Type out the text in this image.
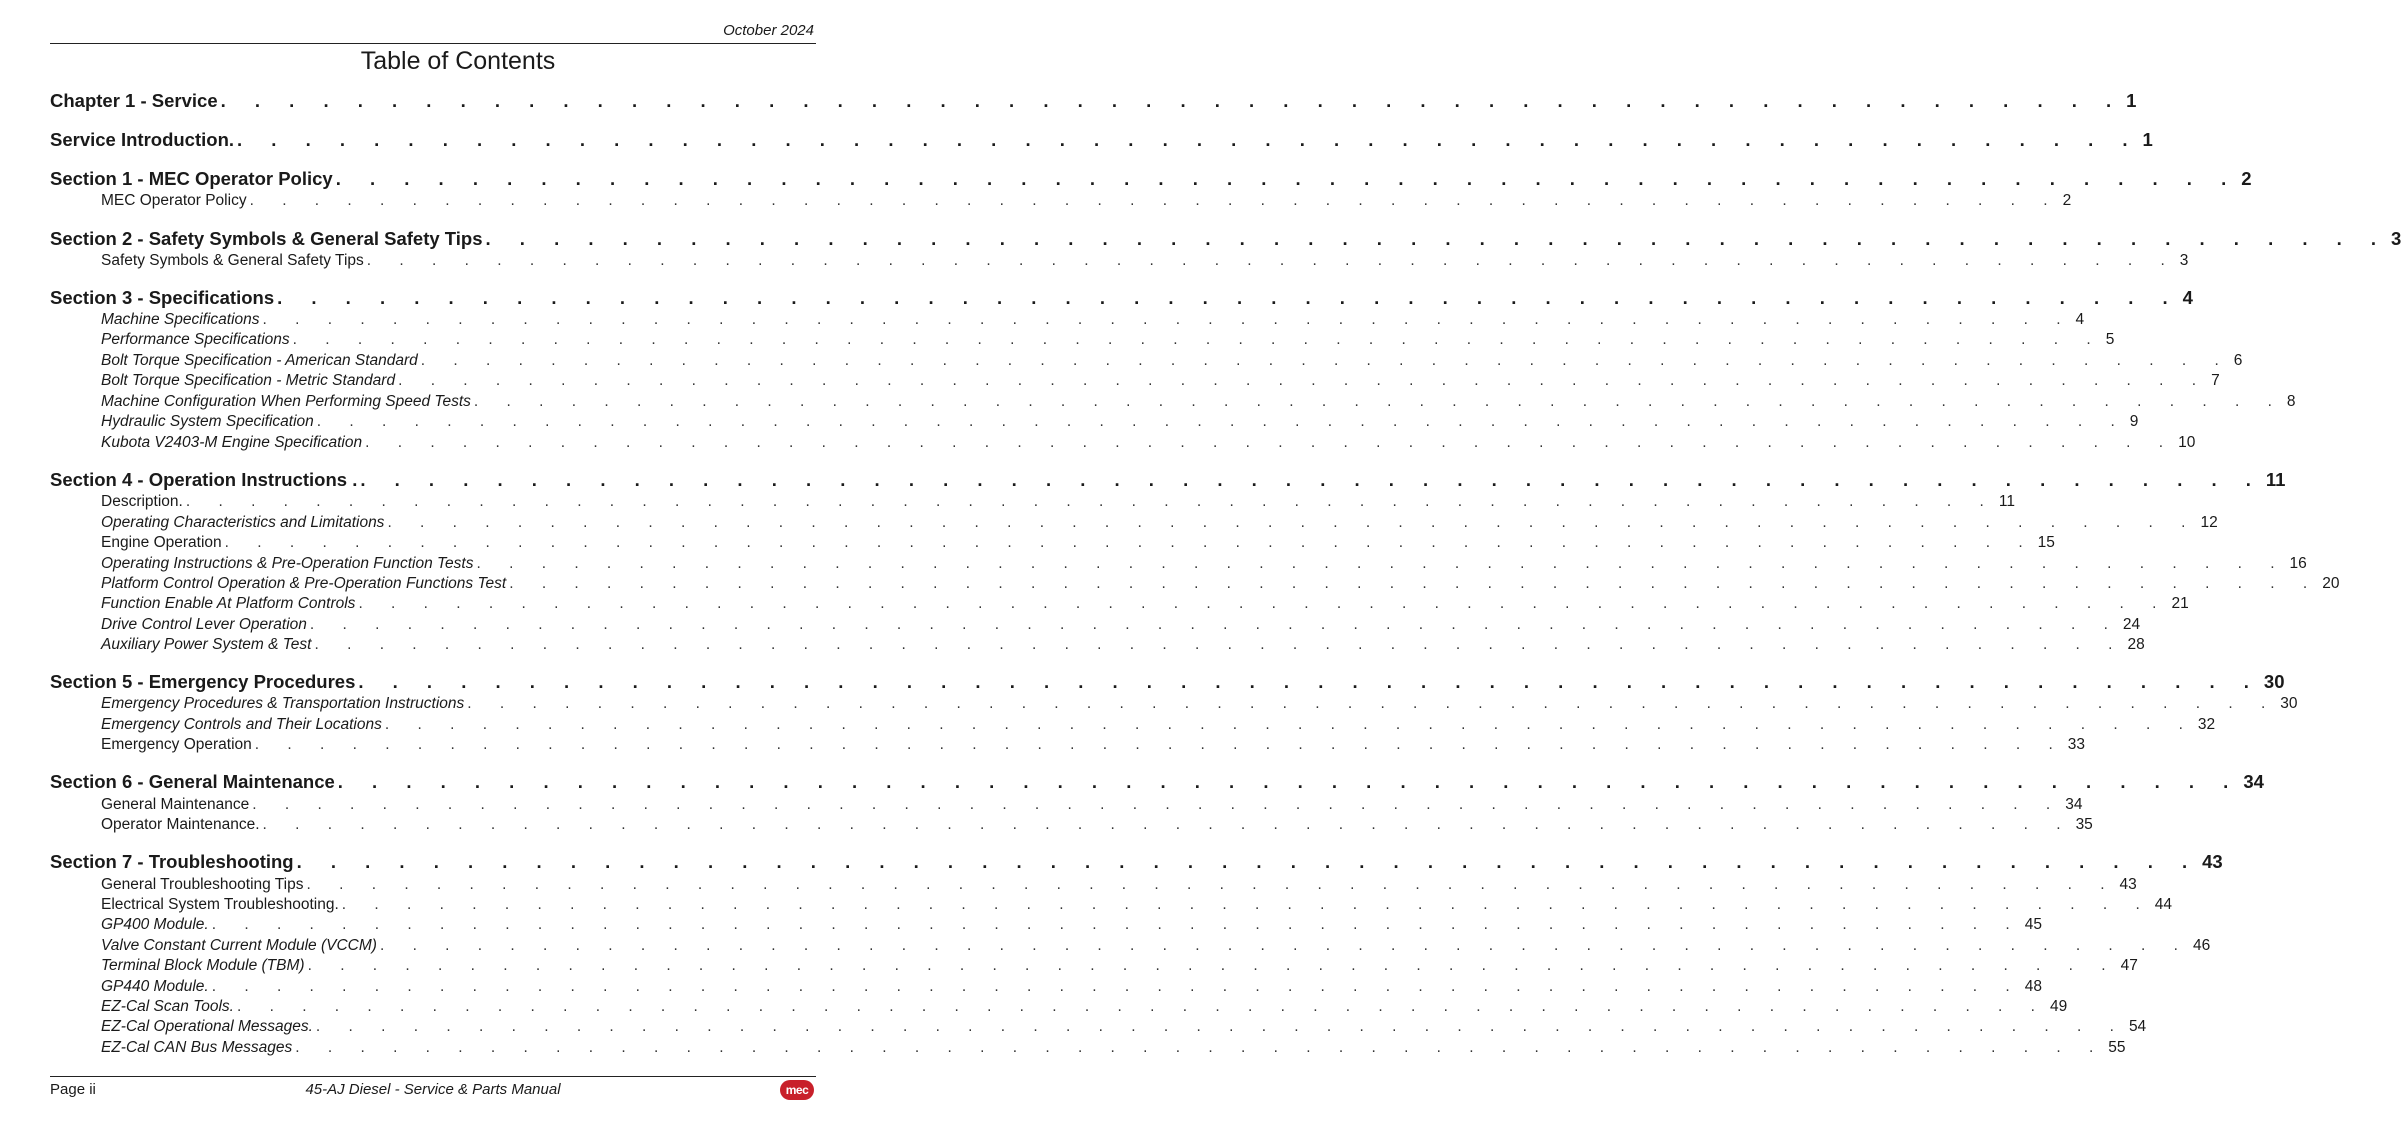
October 2024
Table of Contents
Chapter 1 - Service . . . . . . . . . . . . . . . . . . . . . . . . . . . . . . . . . . . . . . . . . . . . . . . . . . . . . . . . 1
Service Introduction. . . . . . . . . . . . . . . . . . . . . . . . . . . . . . . . . . . . . . . . . . . . . . . . . . . . . . . . . 1
Section 1 - MEC Operator Policy . . . . . . . . . . . . . . . . . . . . . . . . . . . . . . . . . . . . . . . . . . . . . . . . . . . . . . . . 2
MEC Operator Policy . . . . . . . . . . . . . . . . . . . . . . . . . . . . . . . . . . . . . . . . . . . . . . . . . . . . . . . . 2
Section 2 - Safety Symbols & General Safety Tips . . . . . . . . . . . . . . . . . . . . . . . . . . . . . . . . . . . . . . . . . . . . . . . . . . . . . . . . 3
Safety Symbols & General Safety Tips . . . . . . . . . . . . . . . . . . . . . . . . . . . . . . . . . . . . . . . . . . . . . . . . . . . . . . . . 3
Section 3 - Specifications . . . . . . . . . . . . . . . . . . . . . . . . . . . . . . . . . . . . . . . . . . . . . . . . . . . . . . . . 4
Machine Specifications . . . . . . . . . . . . . . . . . . . . . . . . . . . . . . . . . . . . . . . . . . . . . . . . . . . . . . . . 4
Performance Specifications . . . . . . . . . . . . . . . . . . . . . . . . . . . . . . . . . . . . . . . . . . . . . . . . . . . . . . . . 5
Bolt Torque Specification - American Standard . . . . . . . . . . . . . . . . . . . . . . . . . . . . . . . . . . . . . . . . . . . . . . . . . . . . . . . . 6
Bolt Torque Specification - Metric Standard . . . . . . . . . . . . . . . . . . . . . . . . . . . . . . . . . . . . . . . . . . . . . . . . . . . . . . . . 7
Machine Configuration When Performing Speed Tests . . . . . . . . . . . . . . . . . . . . . . . . . . . . . . . . . . . . . . . . . . . . . . . . . . . . . . . . 8
Hydraulic System Specification . . . . . . . . . . . . . . . . . . . . . . . . . . . . . . . . . . . . . . . . . . . . . . . . . . . . . . . . 9
Kubota V2403-M Engine Specification . . . . . . . . . . . . . . . . . . . . . . . . . . . . . . . . . . . . . . . . . . . . . . . . . . . . . . . . 10
Section 4 - Operation Instructions . . . . . . . . . . . . . . . . . . . . . . . . . . . . . . . . . . . . . . . . . . . . . . . . . . . . . . . . . 11
Description. . . . . . . . . . . . . . . . . . . . . . . . . . . . . . . . . . . . . . . . . . . . . . . . . . . . . . . . . 11
Operating Characteristics and Limitations . . . . . . . . . . . . . . . . . . . . . . . . . . . . . . . . . . . . . . . . . . . . . . . . . . . . . . . . 12
Engine Operation . . . . . . . . . . . . . . . . . . . . . . . . . . . . . . . . . . . . . . . . . . . . . . . . . . . . . . . . 15
Operating Instructions & Pre-Operation Function Tests . . . . . . . . . . . . . . . . . . . . . . . . . . . . . . . . . . . . . . . . . . . . . . . . . . . . . . . . 16
Platform Control Operation & Pre-Operation Functions Test . . . . . . . . . . . . . . . . . . . . . . . . . . . . . . . . . . . . . . . . . . . . . . . . . . . . . . . . 20
Function Enable At Platform Controls . . . . . . . . . . . . . . . . . . . . . . . . . . . . . . . . . . . . . . . . . . . . . . . . . . . . . . . . 21
Drive Control Lever Operation . . . . . . . . . . . . . . . . . . . . . . . . . . . . . . . . . . . . . . . . . . . . . . . . . . . . . . . . 24
Auxiliary Power System & Test . . . . . . . . . . . . . . . . . . . . . . . . . . . . . . . . . . . . . . . . . . . . . . . . . . . . . . . . 28
Section 5 - Emergency Procedures . . . . . . . . . . . . . . . . . . . . . . . . . . . . . . . . . . . . . . . . . . . . . . . . . . . . . . . . 30
Emergency Procedures & Transportation Instructions . . . . . . . . . . . . . . . . . . . . . . . . . . . . . . . . . . . . . . . . . . . . . . . . . . . . . . . . 30
Emergency Controls and Their Locations . . . . . . . . . . . . . . . . . . . . . . . . . . . . . . . . . . . . . . . . . . . . . . . . . . . . . . . . 32
Emergency Operation . . . . . . . . . . . . . . . . . . . . . . . . . . . . . . . . . . . . . . . . . . . . . . . . . . . . . . . . 33
Section 6 - General Maintenance . . . . . . . . . . . . . . . . . . . . . . . . . . . . . . . . . . . . . . . . . . . . . . . . . . . . . . . . 34
General Maintenance . . . . . . . . . . . . . . . . . . . . . . . . . . . . . . . . . . . . . . . . . . . . . . . . . . . . . . . . 34
Operator Maintenance. . . . . . . . . . . . . . . . . . . . . . . . . . . . . . . . . . . . . . . . . . . . . . . . . . . . . . . . . 35
Section 7 - Troubleshooting . . . . . . . . . . . . . . . . . . . . . . . . . . . . . . . . . . . . . . . . . . . . . . . . . . . . . . . . 43
General Troubleshooting Tips . . . . . . . . . . . . . . . . . . . . . . . . . . . . . . . . . . . . . . . . . . . . . . . . . . . . . . . . 43
Electrical System Troubleshooting. . . . . . . . . . . . . . . . . . . . . . . . . . . . . . . . . . . . . . . . . . . . . . . . . . . . . . . . . 44
GP400 Module. . . . . . . . . . . . . . . . . . . . . . . . . . . . . . . . . . . . . . . . . . . . . . . . . . . . . . . . . 45
Valve Constant Current Module (VCCM) . . . . . . . . . . . . . . . . . . . . . . . . . . . . . . . . . . . . . . . . . . . . . . . . . . . . . . . . 46
Terminal Block Module (TBM) . . . . . . . . . . . . . . . . . . . . . . . . . . . . . . . . . . . . . . . . . . . . . . . . . . . . . . . . 47
GP440 Module. . . . . . . . . . . . . . . . . . . . . . . . . . . . . . . . . . . . . . . . . . . . . . . . . . . . . . . . . 48
EZ-Cal Scan Tools. . . . . . . . . . . . . . . . . . . . . . . . . . . . . . . . . . . . . . . . . . . . . . . . . . . . . . . . . 49
EZ-Cal Operational Messages. . . . . . . . . . . . . . . . . . . . . . . . . . . . . . . . . . . . . . . . . . . . . . . . . . . . . . . . . 54
EZ-Cal CAN Bus Messages . . . . . . . . . . . . . . . . . . . . . . . . . . . . . . . . . . . . . . . . . . . . . . . . . . . . . . . . 55
Page ii	45-AJ Diesel - Service & Parts Manual	mec
